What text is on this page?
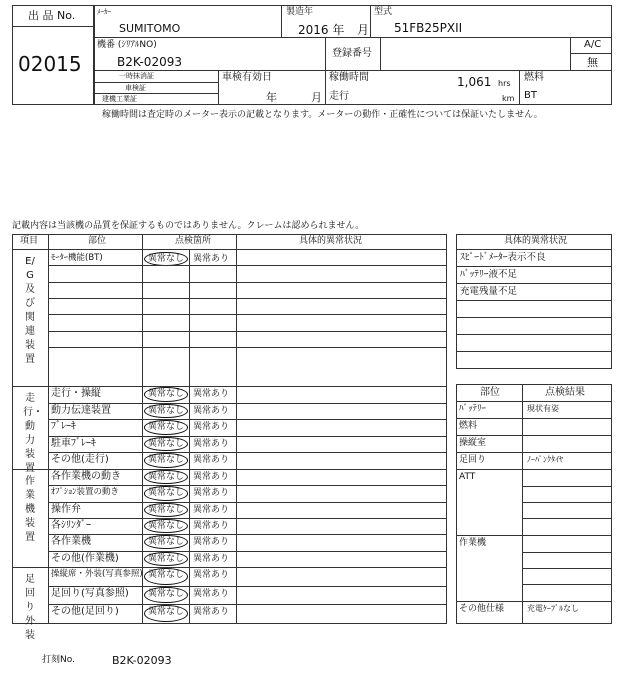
出 品 No.
02015
ﾒｰｶｰ
SUMITOMO
製造年
2016 年 月
型式
51FB25PXII
機番 (ｼﾘｱﾙNO)
B2K-02093
登録番号
A/C
無
一時抹消証
車検証
建機工業証
車検有効日
年	月
稼働時間	1,061 hrs
走行	km
燃料
BT
稼働時間は査定時のメーター表示の記載となります。メーターの動作・正確性については保証いたしません。
記載内容は当該機の品質を保証するものではありません。クレームは認められません。
項目	部位	点検箇所	具体的異常状況
E/G及び関連装置
ﾓｰﾀｰ機能(BT)	異常なし 異常あり
走行・動力装置
走行・操縦	異常なし 異常あり
動力伝達装置	異常なし 異常あり
ﾌﾞﾚｰｷ	異常なし 異常あり
駐車ﾌﾞﾚｰｷ	異常なし 異常あり
その他(走行)	異常なし 異常あり
作業機装置
各作業機の動き	異常なし 異常あり
ｵﾌﾟｼｮﾝ装置の動き	異常なし 異常あり
操作弁	異常なし 異常あり
各ｼﾘﾝﾀﾞｰ	異常なし 異常あり
各作業機	異常なし 異常あり
その他(作業機)	異常なし 異常あり
足回り外装
操縦席・外装(写真参照) 異常なし 異常あり
足回り(写真参照) 異常なし 異常あり
その他(足回り)	異常なし 異常あり
具体的異常状況
ｽﾋﾟｰﾄﾞﾒｰﾀｰ表示不良
ﾊﾞｯﾃﾘｰ液不足
充電残量不足
部位	点検結果
ﾊﾞｯﾃﾘｰ	現状有姿
燃料
操縦室
足回り	ﾉｰﾊﾟﾝｸﾀｲﾔ
ATT
作業機
その他仕様	充電ｹｰﾌﾞﾙなし
打刻No.	B2K-02093
